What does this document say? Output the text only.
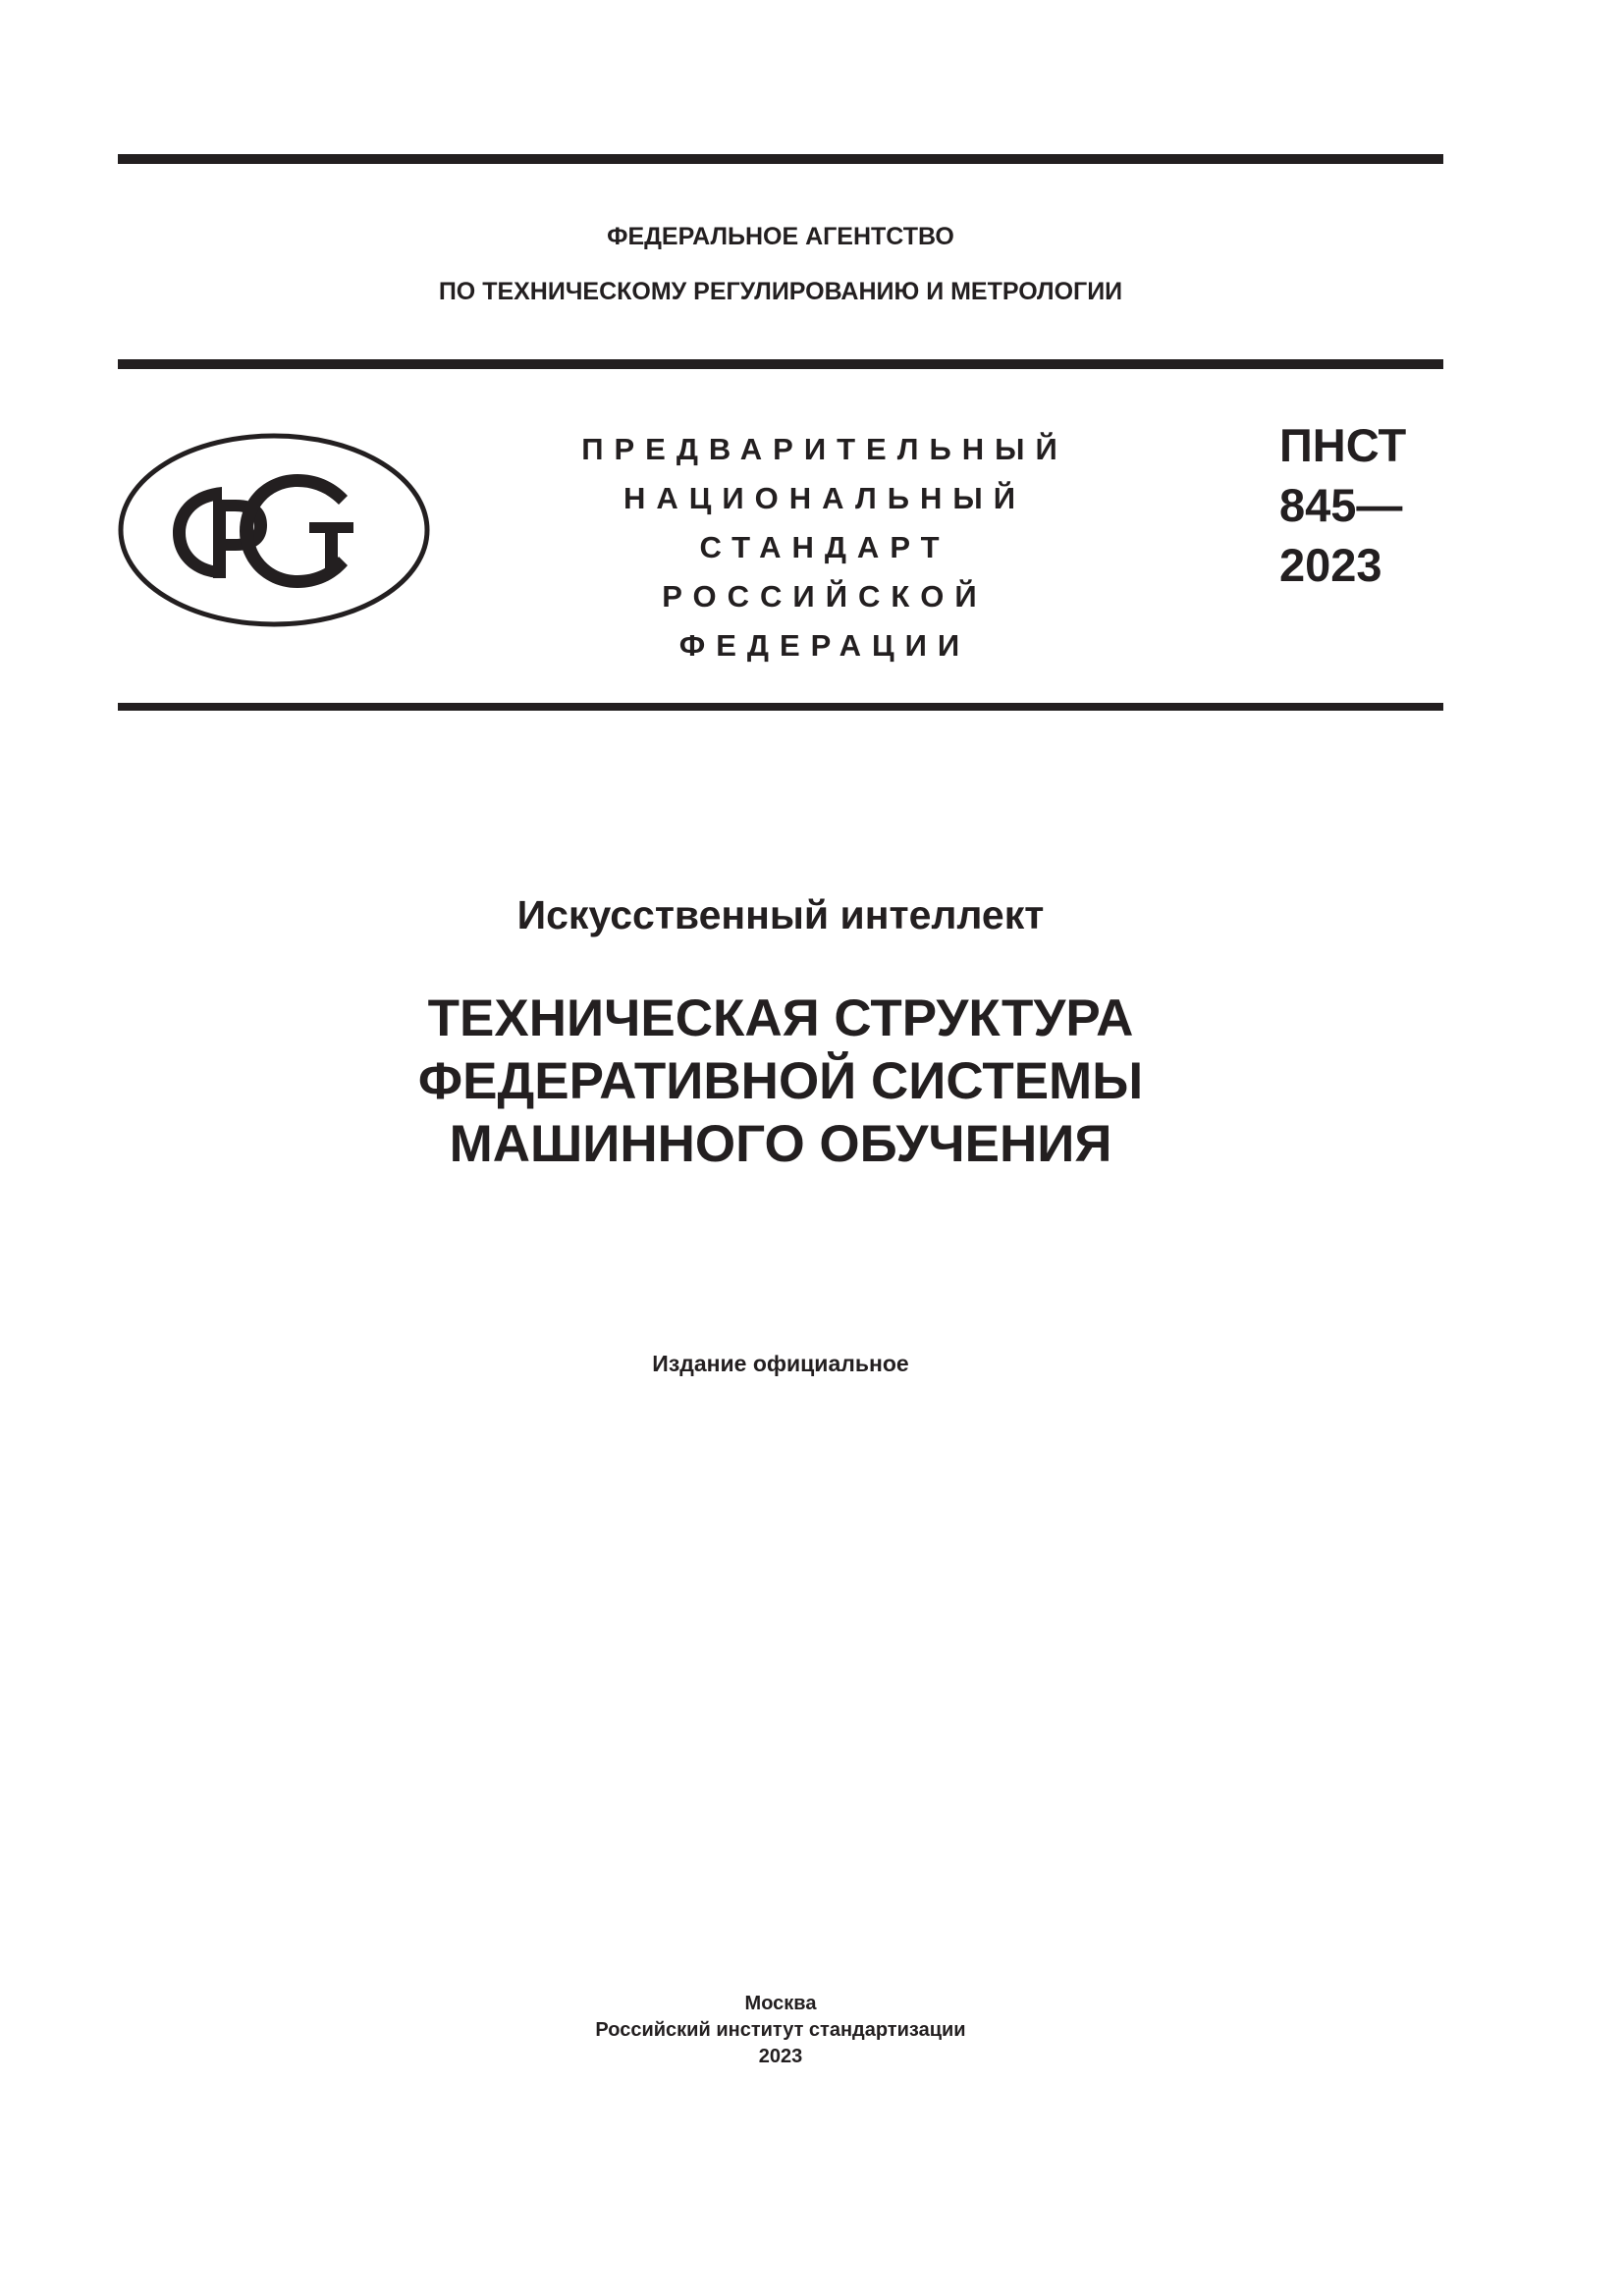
ФЕДЕРАЛЬНОЕ АГЕНТСТВО
ПО ТЕХНИЧЕСКОМУ РЕГУЛИРОВАНИЮ И МЕТРОЛОГИИ
ПРЕДВАРИТЕЛЬНЫЙ
НАЦИОНАЛЬНЫЙ
СТАНДАРТ
РОССИЙСКОЙ
ФЕДЕРАЦИИ
ПНСТ
845—
2023
Искусственный интеллект
ТЕХНИЧЕСКАЯ СТРУКТУРА
ФЕДЕРАТИВНОЙ СИСТЕМЫ
МАШИННОГО ОБУЧЕНИЯ
Издание официальное
Москва
Российский институт стандартизации
2023
